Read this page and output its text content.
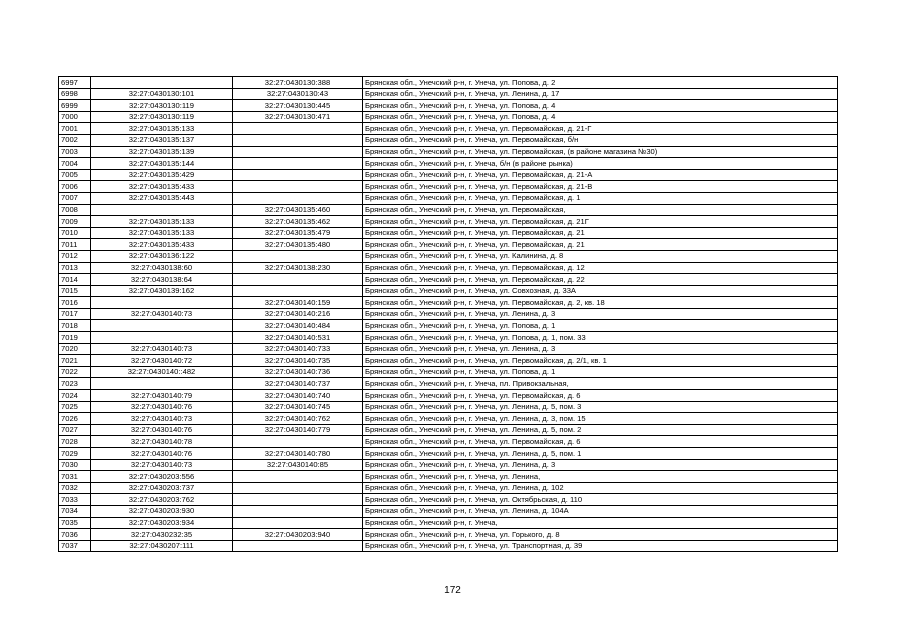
6997		32:27:0430130:388	Брянская обл., Унечский р-н, г. Унеча, ул. Попова, д. 2
6998	32:27:0430130:101	32:27:0430130:43	Брянская обл., Унечский р-н, г. Унеча, ул. Ленина, д. 17
6999	32:27:0430130:119	32:27:0430130:445	Брянская обл., Унечский р-н, г. Унеча, ул. Попова, д. 4
7000	32:27:0430130:119	32:27:0430130:471	Брянская обл., Унечский р-н, г. Унеча, ул. Попова, д. 4
7001	32:27:0430135:133		Брянская обл., Унечский р-н, г. Унеча, ул. Первомайская, д. 21-Г
7002	32:27:0430135:137		Брянская обл., Унечский р-н, г. Унеча, ул. Первомайская, б/н
7003	32:27:0430135:139		Брянская обл., Унечский р-н, г. Унеча, ул. Первомайская, (в районе магазина №30)
7004	32:27:0430135:144		Брянская обл., Унечский р-н, г. Унеча, б/н (в районе рынка)
7005	32:27:0430135:429		Брянская обл., Унечский р-н, г. Унеча, ул. Первомайская, д. 21-А
7006	32:27:0430135:433		Брянская обл., Унечский р-н, г. Унеча, ул. Первомайская, д. 21-В
7007	32:27:0430135:443		Брянская обл., Унечский р-н, г. Унеча, ул. Первомайская, д. 1
7008		32:27:0430135:460	Брянская обл., Унечский р-н, г. Унеча, ул. Первомайская,
7009	32:27:0430135:133	32:27:0430135:462	Брянская обл., Унечский р-н, г. Унеча, ул. Первомайская, д. 21Г
7010	32:27:0430135:133	32:27:0430135:479	Брянская обл., Унечский р-н, г. Унеча, ул. Первомайская, д. 21
7011	32:27:0430135:433	32:27:0430135:480	Брянская обл., Унечский р-н, г. Унеча, ул. Первомайская, д. 21
7012	32:27:0430136:122		Брянская обл., Унечский р-н, г. Унеча, ул. Калинина, д. 8
7013	32:27:0430138:60	32:27:0430138:230	Брянская обл., Унечский р-н, г. Унеча, ул. Первомайская, д. 12
7014	32:27:0430138:64		Брянская обл., Унечский р-н, г. Унеча, ул. Первомайская, д. 22
7015	32:27:0430139:162		Брянская обл., Унечский р-н, г. Унеча, ул. Совхозная, д. 33А
7016		32:27:0430140:159	Брянская обл., Унечский р-н, г. Унеча, ул. Первомайская, д. 2, кв. 18
7017	32:27:0430140:73	32:27:0430140:216	Брянская обл., Унечский р-н, г. Унеча, ул. Ленина, д. 3
7018		32:27:0430140:484	Брянская обл., Унечский р-н, г. Унеча, ул. Попова, д. 1
7019		32:27:0430140:531	Брянская обл., Унечский р-н, г. Унеча, ул. Попова, д. 1, пом. 33
7020	32:27:0430140:73	32:27:0430140:733	Брянская обл., Унечский р-н, г. Унеча, ул. Ленина, д. 3
7021	32:27:0430140:72	32:27:0430140:735	Брянская обл., Унечский р-н, г. Унеча, ул. Первомайская, д. 2/1, кв. 1
7022	32:27:0430140::482	32:27:0430140:736	Брянская обл., Унечский р-н, г. Унеча, ул. Попова, д. 1
7023		32:27:0430140:737	Брянская обл., Унечский р-н, г. Унеча, пл. Привокзальная,
7024	32:27:0430140:79	32:27:0430140:740	Брянская обл., Унечский р-н, г. Унеча, ул. Первомайская, д. 6
7025	32:27:0430140:76	32:27:0430140:745	Брянская обл., Унечский р-н, г. Унеча, ул. Ленина, д. 5, пом. 3
7026	32:27:0430140:73	32:27:0430140:762	Брянская обл., Унечский р-н, г. Унеча, ул. Ленина, д. 3, пом. 15
7027	32:27:0430140:76	32:27:0430140:779	Брянская обл., Унечский р-н, г. Унеча, ул. Ленина, д. 5, пом. 2
7028	32:27:0430140:78		Брянская обл., Унечский р-н, г. Унеча, ул. Первомайская, д. 6
7029	32:27:0430140:76	32:27:0430140:780	Брянская обл., Унечский р-н, г. Унеча, ул. Ленина, д. 5, пом. 1
7030	32:27:0430140:73	32:27:0430140:85	Брянская обл., Унечский р-н, г. Унеча, ул. Ленина, д. 3
7031	32:27:0430203:556		Брянская обл., Унечский р-н, г. Унеча, ул. Ленина,
7032	32:27:0430203:737		Брянская обл., Унечский р-н, г. Унеча, ул. Ленина, д. 102
7033	32:27:0430203:762		Брянская обл., Унечский р-н, г. Унеча, ул. Октябрьская, д. 110
7034	32:27:0430203:930		Брянская обл., Унечский р-н, г. Унеча, ул. Ленина, д. 104А
7035	32:27:0430203:934		Брянская обл., Унечский р-н, г. Унеча,
7036	32:27:0430232:35	32:27:0430203:940	Брянская обл., Унечский р-н, г. Унеча, ул. Горького, д. 8
7037	32:27:0430207:111		Брянская обл., Унечский р-н, г. Унеча, ул. Транспортная, д. 39
172
